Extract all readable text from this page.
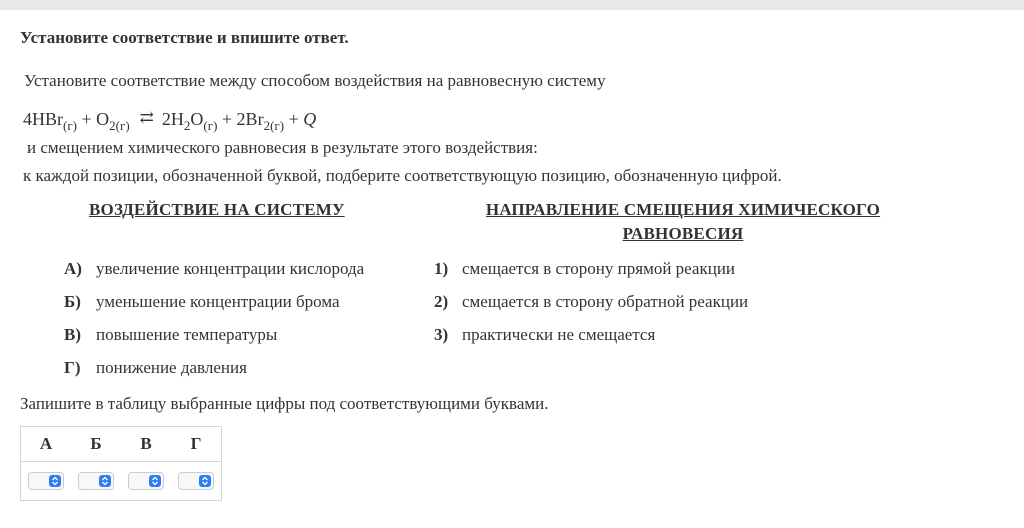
Установите соответствие и впишите ответ.
Установите соответствие между способом воздействия на равновесную систему
$4HBr_{(г)} + O_{2(г)}$ ⇄ $2H_2O_{(г)} + 2Br_{2(г)} + Q$
и смещением химического равновесия в результате этого воздействия:
к каждой позиции, обозначенной буквой, подберите соответствующую позицию, обозначенную цифрой.
ВОЗДЕЙСТВИЕ НА СИСТЕМУ	НАПРАВЛЕНИЕ СМЕЩЕНИЯ ХИМИЧЕСКОГО
РАВНОВЕСИЯ
А) увеличение концентрации кислорода
Б) уменьшение концентрации брома
В) повышение температуры
Г) понижение давления
1) смещается в сторону прямой реакции
2) смещается в сторону обратной реакции
3) практически не смещается
Запишите в таблицу выбранные цифры под соответствующими буквами.
А	Б	В	Г
